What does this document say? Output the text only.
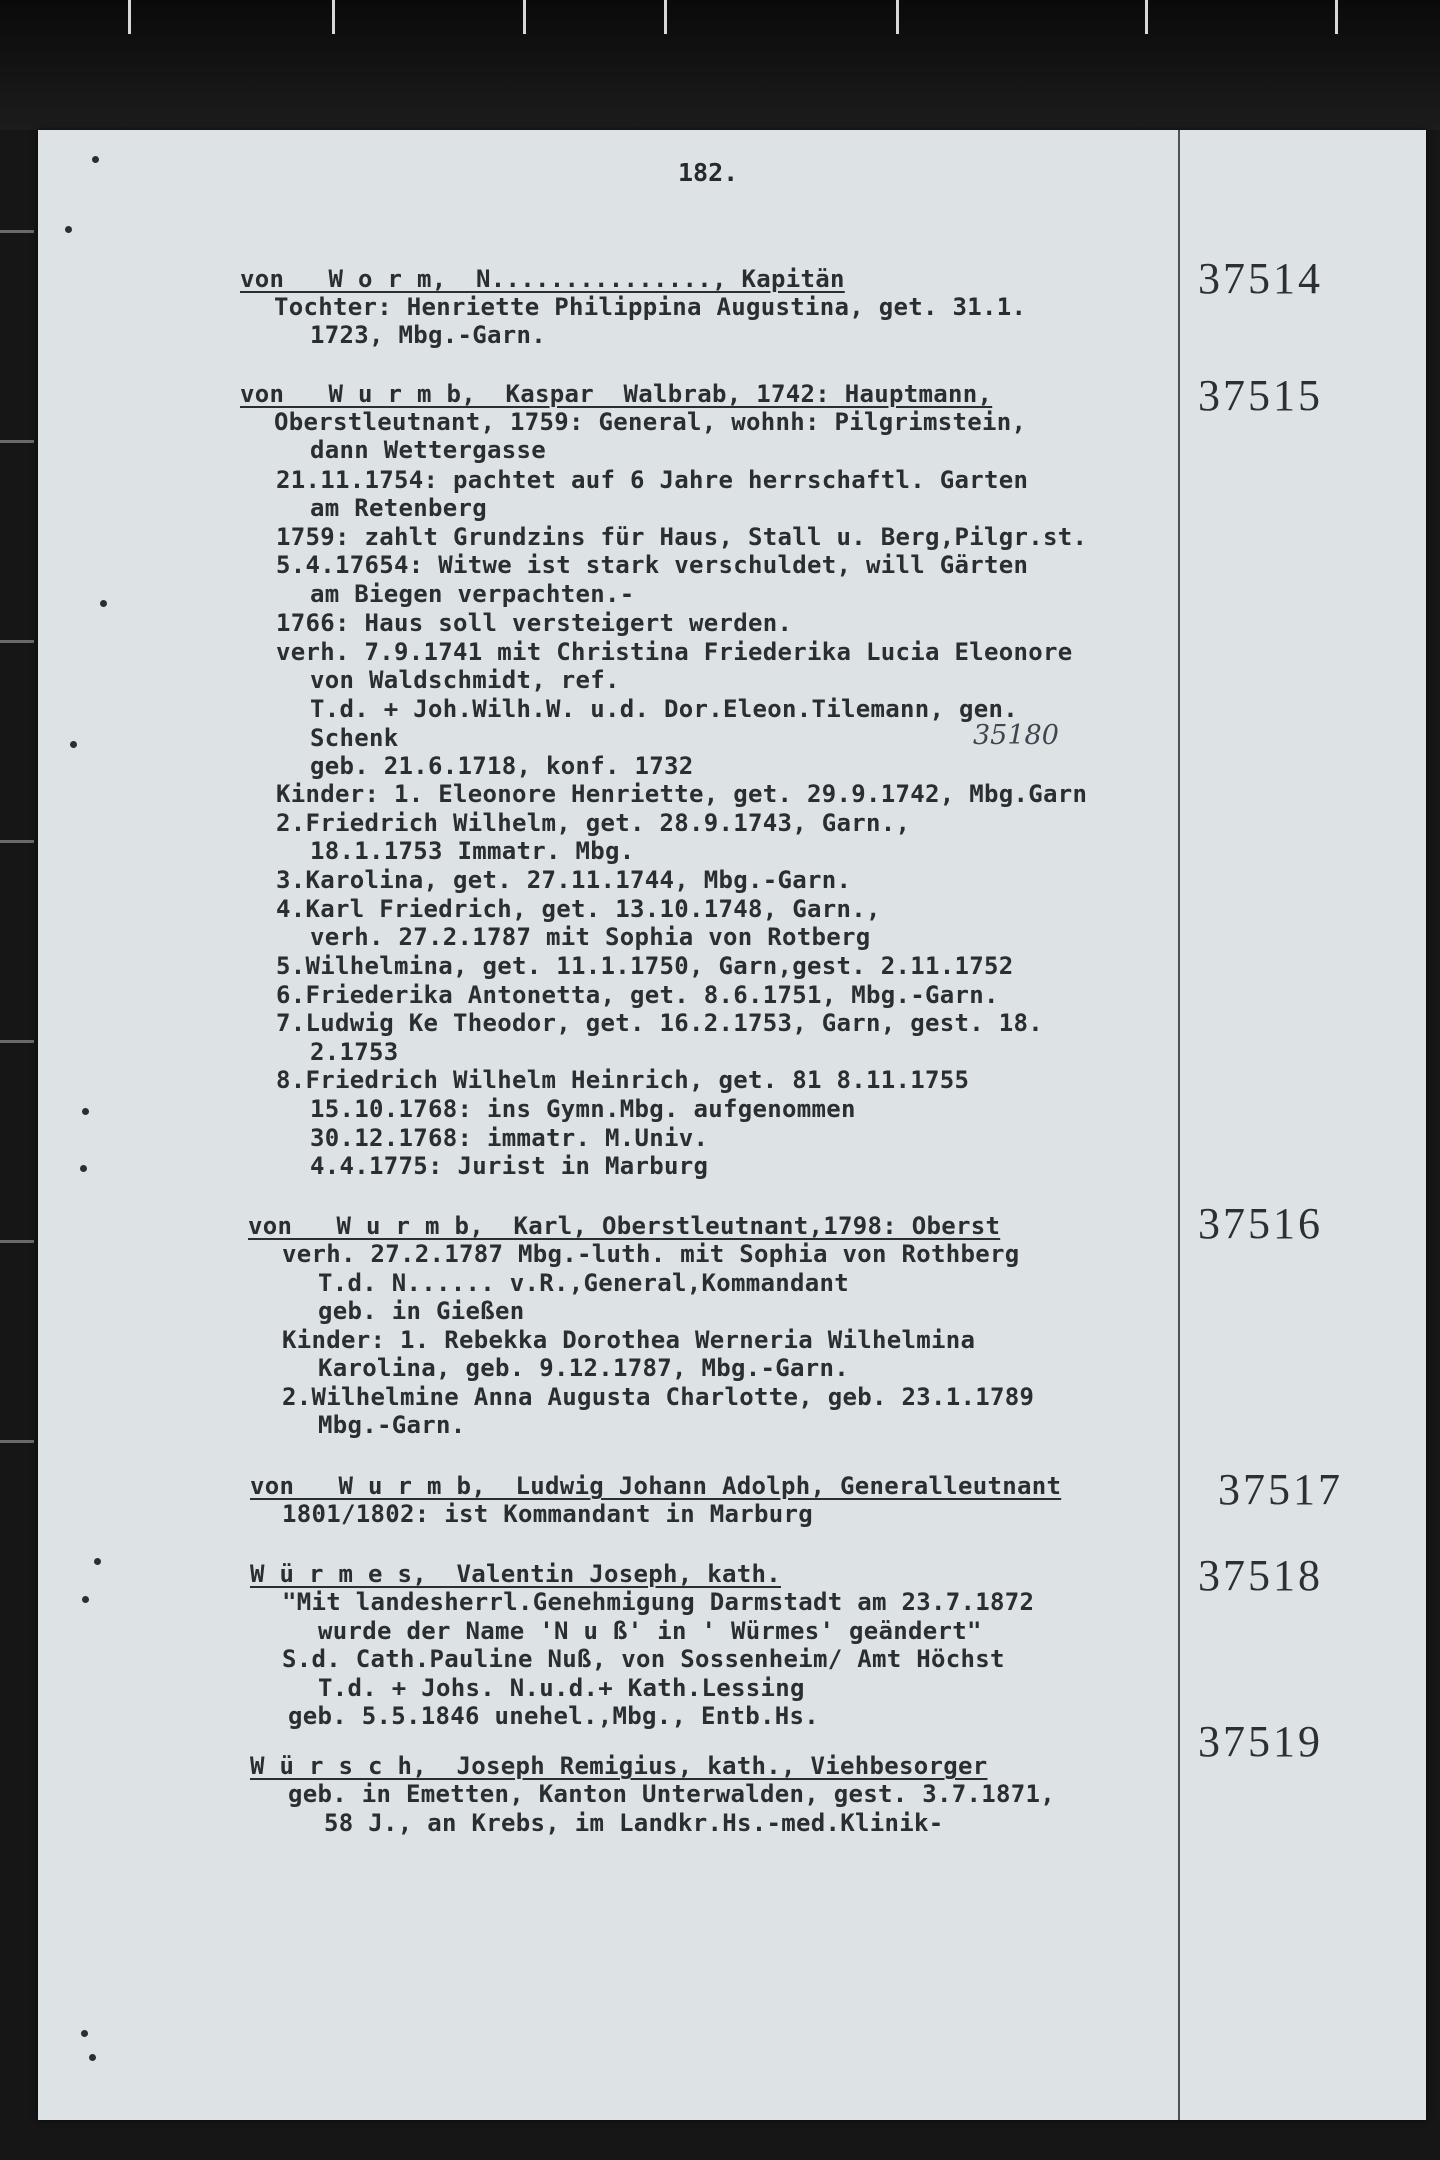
182.
37514
von   W o r m,  N..............., Kapitän
Tochter: Henriette Philippina Augustina, get. 31.1.
1723, Mbg.-Garn.
37515
35180
von   W u r m b,  Kaspar  Walbrab, 1742: Hauptmann,
Oberstleutnant, 1759: General, wohnh: Pilgrimstein,
dann Wettergasse
21.11.1754: pachtet auf 6 Jahre herrschaftl. Garten
am Retenberg
1759: zahlt Grundzins für Haus, Stall u. Berg,Pilgr.st.
5.4.17654: Witwe ist stark verschuldet, will Gärten
am Biegen verpachten.-
1766: Haus soll versteigert werden.
verh. 7.9.1741 mit Christina Friederika Lucia Eleonore
von Waldschmidt, ref.
T.d. + Joh.Wilh.W. u.d. Dor.Eleon.Tilemann, gen.
Schenk
geb. 21.6.1718, konf. 1732
Kinder: 1. Eleonore Henriette, get. 29.9.1742, Mbg.Garn
2.Friedrich Wilhelm, get. 28.9.1743, Garn.,
18.1.1753 Immatr. Mbg.
3.Karolina, get. 27.11.1744, Mbg.-Garn.
4.Karl Friedrich, get. 13.10.1748, Garn.,
verh. 27.2.1787 mit Sophia von Rotberg
5.Wilhelmina, get. 11.1.1750, Garn,gest. 2.11.1752
6.Friederika Antonetta, get. 8.6.1751, Mbg.-Garn.
7.Ludwig Ke Theodor, get. 16.2.1753, Garn, gest. 18.
2.1753
8.Friedrich Wilhelm Heinrich, get. 81 8.11.1755
15.10.1768: ins Gymn.Mbg. aufgenommen
30.12.1768: immatr. M.Univ.
4.4.1775: Jurist in Marburg
37516
von   W u r m b,  Karl, Oberstleutnant,1798: Oberst
verh. 27.2.1787 Mbg.-luth. mit Sophia von Rothberg
T.d. N...... v.R.,General,Kommandant
geb. in Gießen
Kinder: 1. Rebekka Dorothea Werneria Wilhelmina
Karolina, geb. 9.12.1787, Mbg.-Garn.
2.Wilhelmine Anna Augusta Charlotte, geb. 23.1.1789
Mbg.-Garn.
37517
von   W u r m b,  Ludwig Johann Adolph, Generalleutnant
1801/1802: ist Kommandant in Marburg
37518
W ü r m e s,  Valentin Joseph, kath.
"Mit landesherrl.Genehmigung Darmstadt am 23.7.1872
wurde der Name 'N u ß' in ' Würmes' geändert"
S.d. Cath.Pauline Nuß, von Sossenheim/ Amt Höchst
T.d. + Johs. N.u.d.+ Kath.Lessing
geb. 5.5.1846 unehel.,Mbg., Entb.Hs.
37519
W ü r s c h,  Joseph Remigius, kath., Viehbesorger
geb. in Emetten, Kanton Unterwalden, gest. 3.7.1871,
58 J., an Krebs, im Landkr.Hs.-med.Klinik-
